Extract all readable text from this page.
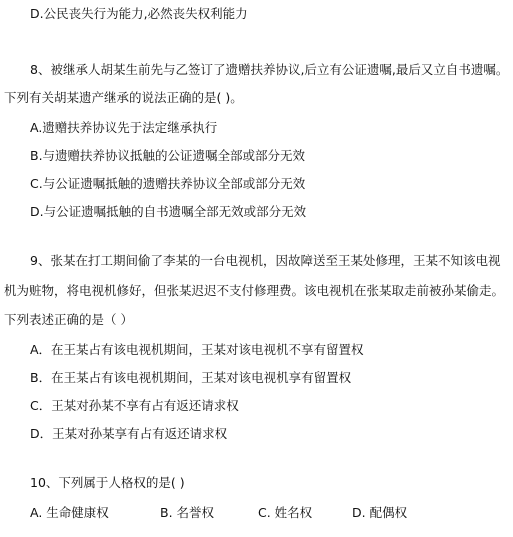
D.公民丧失行为能力,必然丧失权利能力
8、被继承人胡某生前先与乙签订了遗赠扶养协议,后立有公证遗嘱,最后又立自书遗嘱。
下列有关胡某遗产继承的说法正确的是( )。
A.遗赠扶养协议先于法定继承执行
B.与遗赠扶养协议抵触的公证遗嘱全部或部分无效
C.与公证遗嘱抵触的遗赠扶养协议全部或部分无效
D.与公证遗嘱抵触的自书遗嘱全部无效或部分无效
9、张某在打工期间偷了李某的一台电视机，因故障送至王某处修理，王某不知该电视
机为赃物，将电视机修好，但张某迟迟不支付修理费。该电视机在张某取走前被孙某偷走。
下列表述正确的是（ ）
A．在王某占有该电视机期间，王某对该电视机不享有留置权
B．在王某占有该电视机期间，王某对该电视机享有留置权
C．王某对孙某不享有占有返还请求权
D．王某对孙某享有占有返还请求权
10、下列属于人格权的是( )
A. 生命健康权	B. 名誉权	C. 姓名权	D. 配偶权
